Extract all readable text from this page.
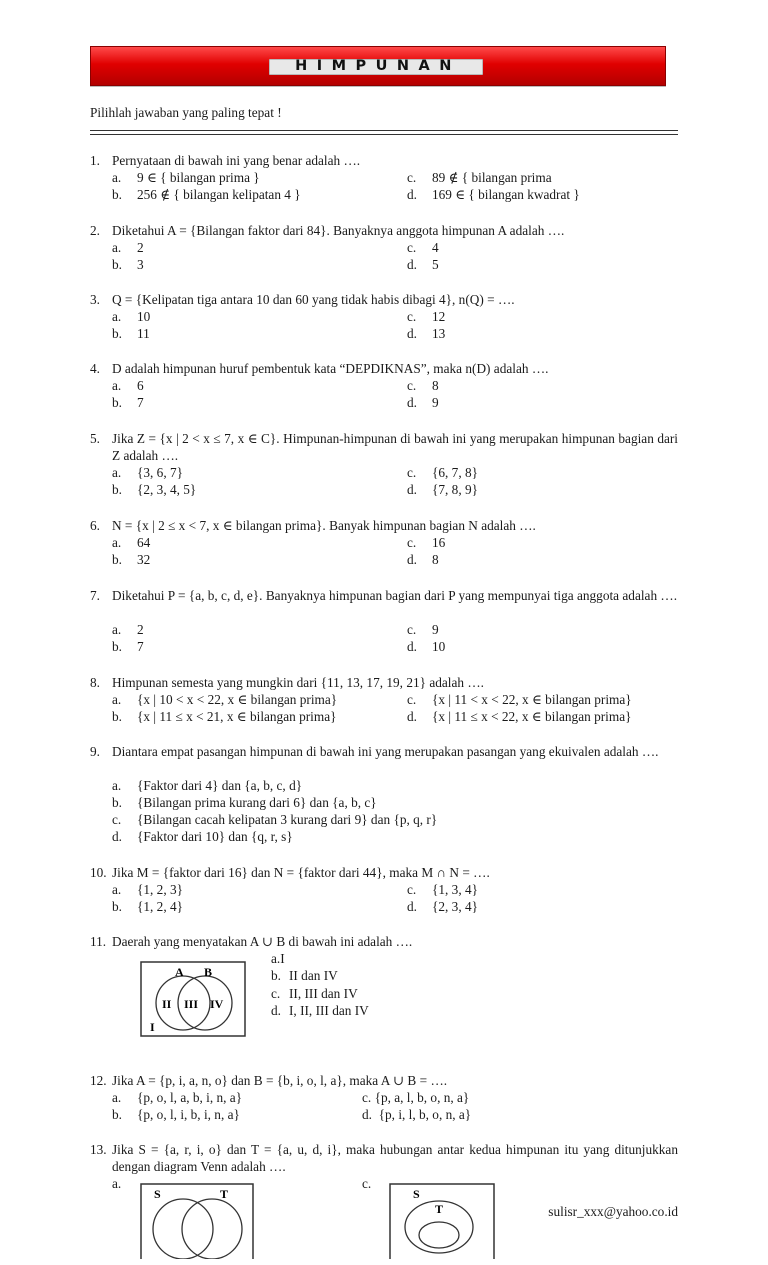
HIMPUNAN
Pilihlah jawaban yang paling tepat !
1. Pernyataan di bawah ini yang benar adalah ….
a. 9 ∈ { bilangan prima }
b. 256 ∉ { bilangan kelipatan 4 }
c. 89 ∉ { bilangan prima
d. 169 ∈ { bilangan kwadrat }
2. Diketahui A = {Bilangan faktor dari 84}. Banyaknya anggota himpunan A adalah ….
a. 2
b. 3
c. 4
d. 5
3. Q = {Kelipatan tiga antara 10 dan 60 yang tidak habis dibagi 4}, n(Q) = ….
a. 10
b. 11
c. 12
d. 13
4. D adalah himpunan huruf pembentuk kata “DEPDIKNAS”, maka n(D) adalah ….
a. 6
b. 7
c. 8
d. 9
5. Jika Z = {x | 2 < x ≤ 7, x ∈ C}. Himpunan-himpunan di bawah ini yang merupakan himpunan bagian dari Z adalah ….
a. {3, 6, 7}
b. {2, 3, 4, 5}
c. {6, 7, 8}
d. {7, 8, 9}
6. N = {x | 2 ≤ x < 7, x ∈ bilangan prima}. Banyak himpunan bagian N adalah ….
a. 64
b. 32
c. 16
d. 8
7. Diketahui P = {a, b, c, d, e}. Banyaknya himpunan bagian dari P yang mempunyai tiga anggota adalah ….
a. 2
b. 7
c. 9
d. 10
8. Himpunan semesta yang mungkin dari {11, 13, 17, 19, 21} adalah ….
a. {x | 10 < x < 22, x ∈ bilangan prima}
b. {x | 11 ≤ x < 21, x ∈ bilangan prima}
c. {x | 11 < x < 22, x ∈ bilangan prima}
d. {x | 11 ≤ x < 22, x ∈ bilangan prima}
9. Diantara empat pasangan himpunan di bawah ini yang merupakan pasangan yang ekuivalen adalah ….
a. {Faktor dari 4} dan {a, b, c, d}
b. {Bilangan prima kurang dari 6} dan {a, b, c}
c. {Bilangan cacah kelipatan 3 kurang dari 9} dan {p, q, r}
d. {Faktor dari 10} dan {q, r, s}
10. Jika M = {faktor dari 16} dan N = {faktor dari 44}, maka M ∩ N = ….
a. {1, 2, 3}
b. {1, 2, 4}
c. {1, 3, 4}
d. {2, 3, 4}
11. Daerah yang menyatakan A ∪ B di bawah ini adalah ….
a.I
b. II dan IV
c. II, III dan IV
d. I, II, III dan IV
A B
I
II III IV
12. Jika A = {p, i, a, n, o} dan B = {b, i, o, l, a}, maka A ∪ B = ….
a. {p, o, l, a, b, i, n, a}
b. {p, o, l, i, b, i, n, a}
c. {p, a, l, b, o, n, a}
d. {p, i, l, b, o, n, a}
13. Jika S = {a, r, i, o} dan T = {a, u, d, i}, maka hubungan antar kedua himpunan itu yang ditunjukkan dengan diagram Venn adalah ….
a.	c.
S	T	S
T	sulisr_xxx@yahoo.co.id
